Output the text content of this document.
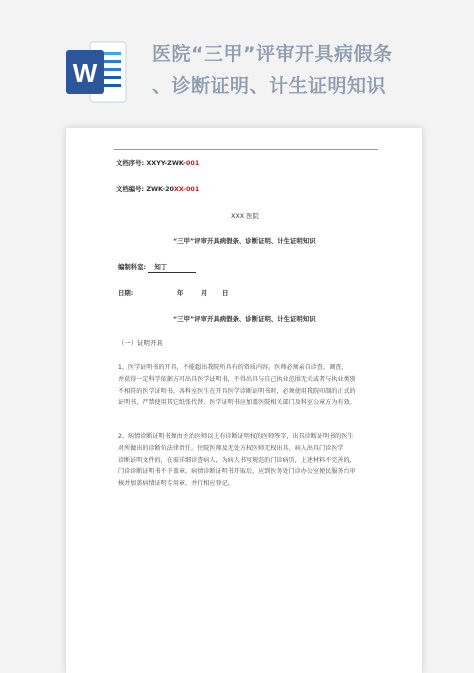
W
医院“三甲”评审开具病假条
、诊断证明、计生证明知识
文档序号: XXYY-ZWK-001
文档编号: ZWK-20XX-001
XXX 医院
“三甲”评审开具病假条、诊断证明、计生证明知识
编制科室: 知丁
日期:	年	月 日
“三甲”评审开具病假条、诊断证明、计生证明知识
（一）证明开具
1、医学证明书的开具，不能超出我院所具有的资质内容。医师必须亲自诊查、调查，
并获得一定科学依据方可出具医学证明书，不得出具与自己执业范围无关或者与执业类别
不相符的医学证明书。各科室医生在开具医学诊断证明书时，必须使用我院印制的正式的
证明书，严禁使用其它纸张代替。医学证明书应加盖医院相关部门及科室公章方为有效。
2、病情诊断证明书须由主治医师以上有诊断证明权的医师签字，出具诊断证明书的医生
对所做出的诊断负法律责任。住院医师及无处方权医师无权出具。病人出具门诊医学
诊断证明文件的，在需详细诊查病人，为病人书写规范的门诊病历，上述材料不完善的，
门诊诊断证明书不予盖章。病情诊断证明书开取后，应到医务处门诊办公室便民服务台审
核并加盖病情证明专用章，并行相应登记。
